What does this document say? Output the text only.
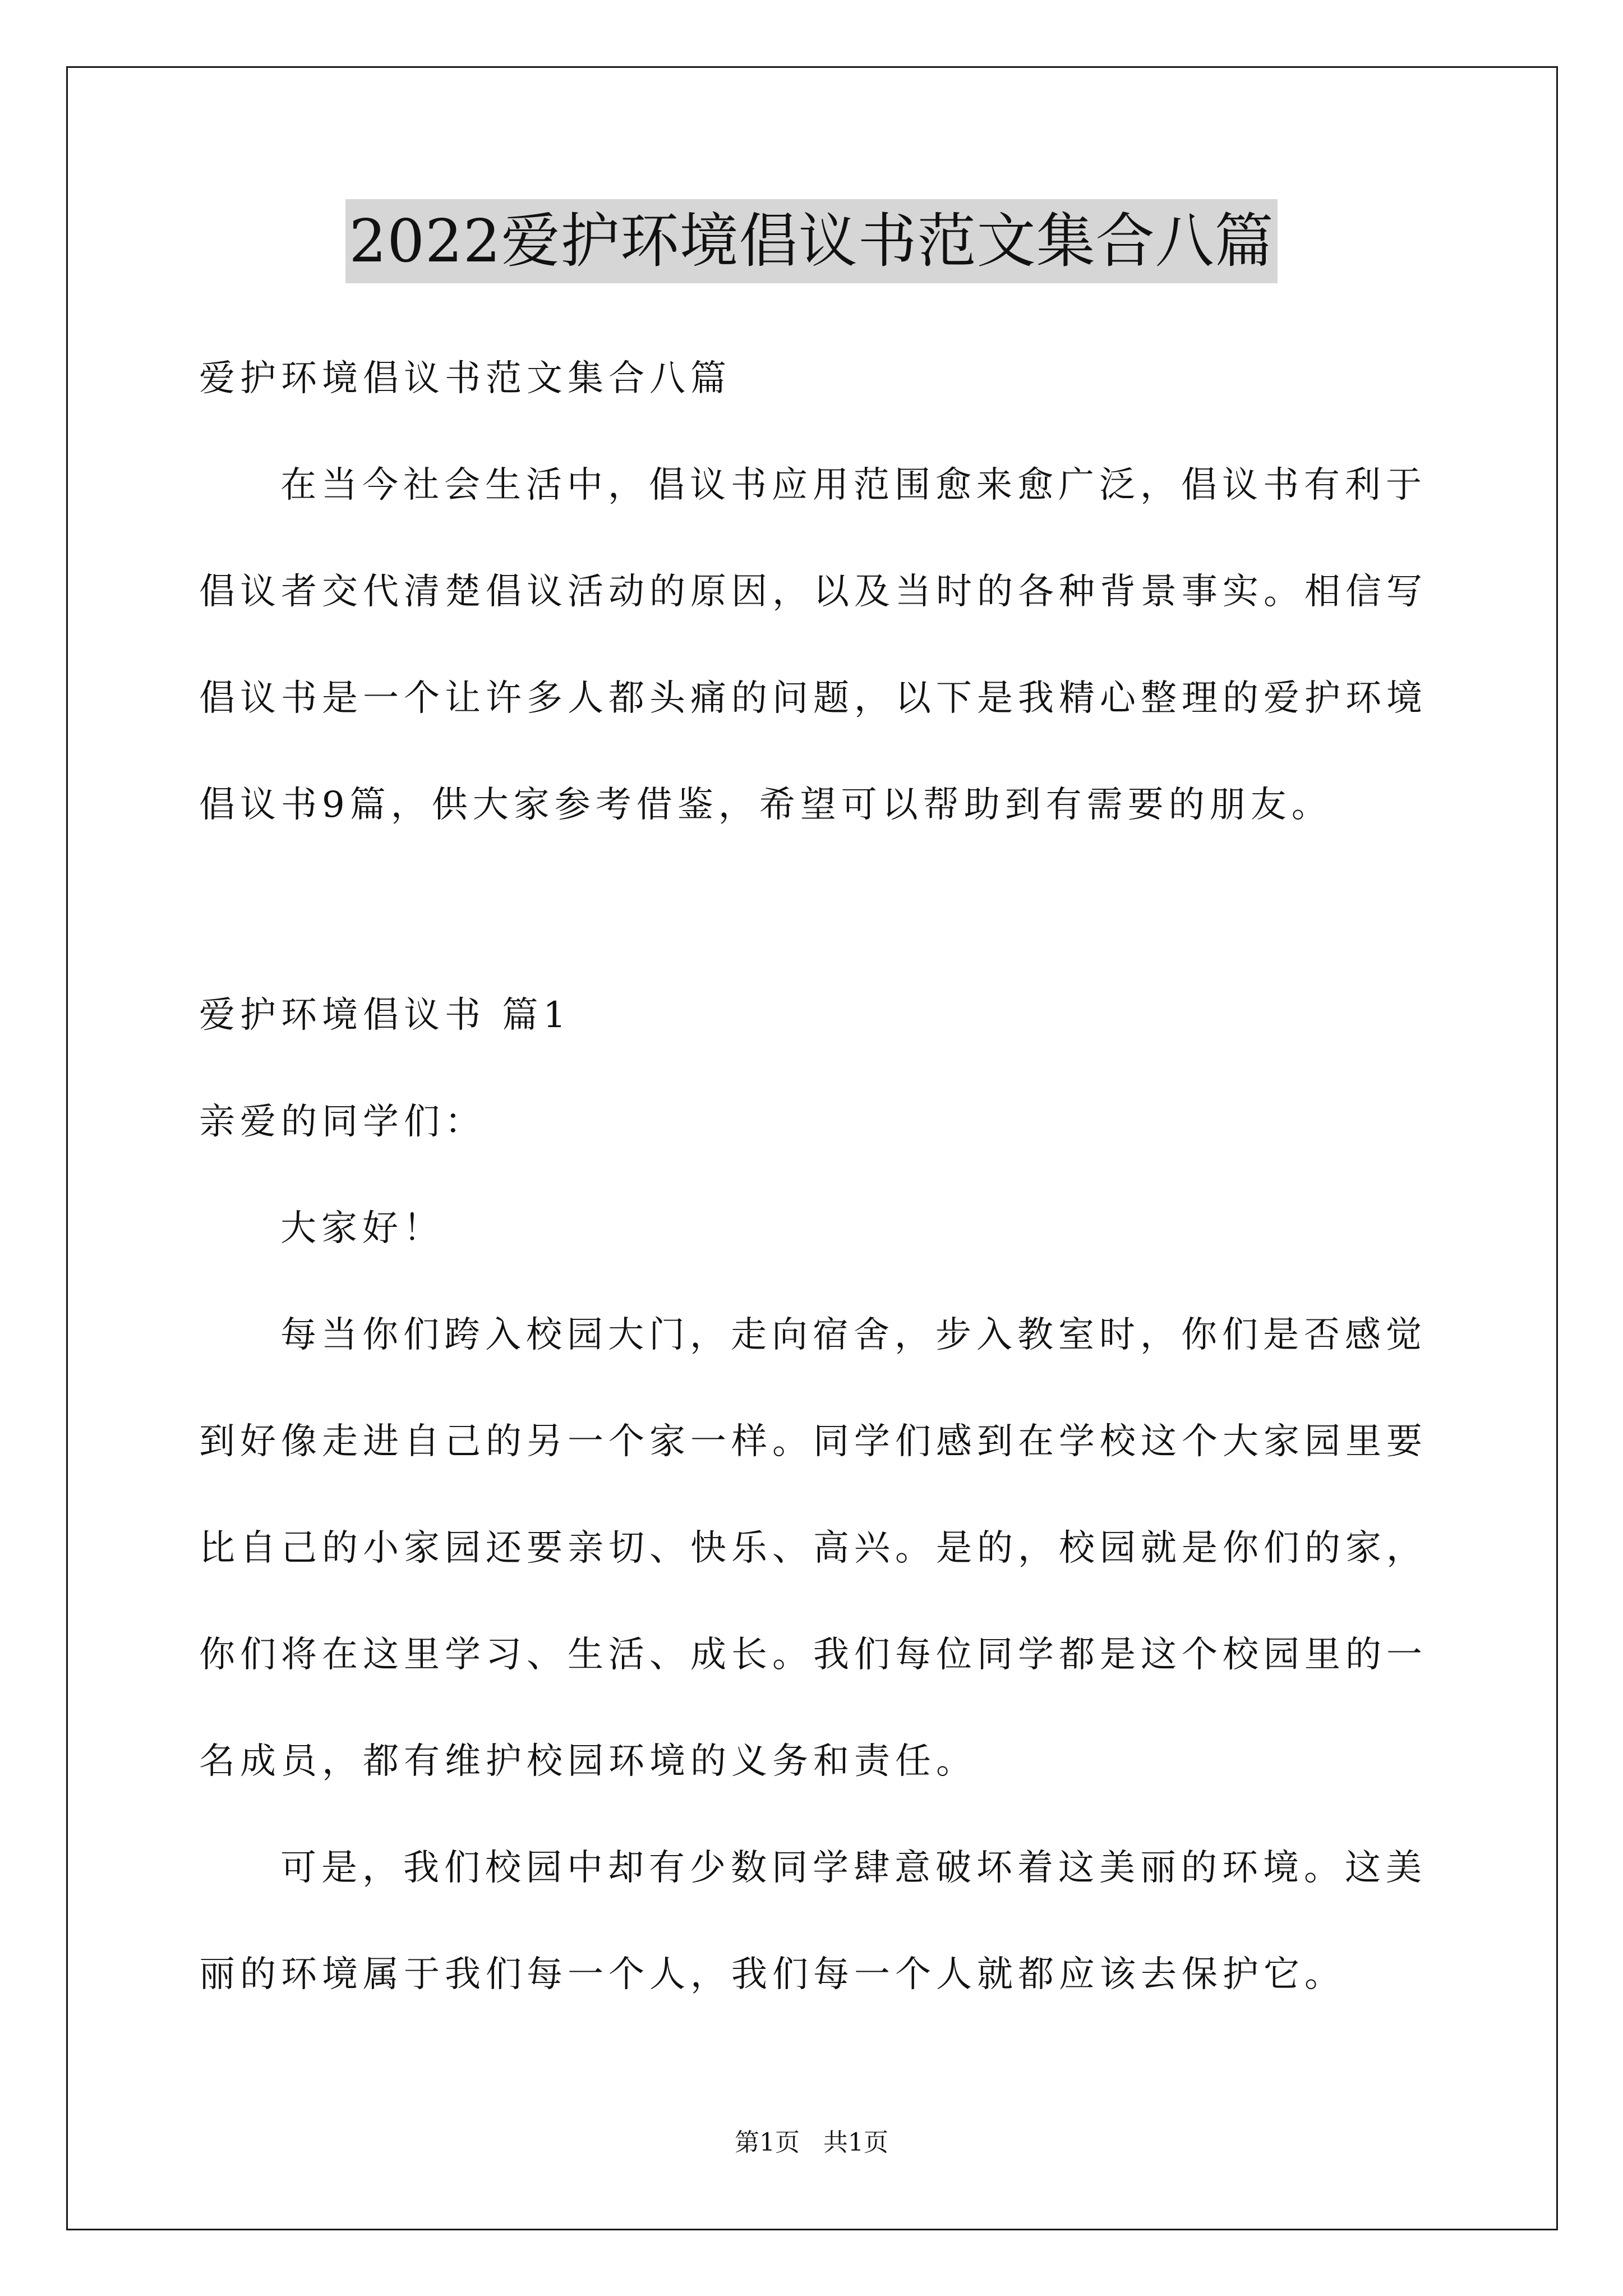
2022爱护环境倡议书范文集合八篇
爱护环境倡议书范文集合八篇
在当今社会生活中，倡议书应用范围愈来愈广泛，倡议书有利于
倡议者交代清楚倡议活动的原因，以及当时的各种背景事实。相信写
倡议书是一个让许多人都头痛的问题，以下是我精心整理的爱护环境
倡议书9篇，供大家参考借鉴，希望可以帮助到有需要的朋友。
爱护环境倡议书 篇1
亲爱的同学们：
大家好！
每当你们跨入校园大门，走向宿舍，步入教室时，你们是否感觉
到好像走进自己的另一个家一样。同学们感到在学校这个大家园里要
比自己的小家园还要亲切、快乐、高兴。是的，校园就是你们的家，
你们将在这里学习、生活、成长。我们每位同学都是这个校园里的一
名成员，都有维护校园环境的义务和责任。
可是，我们校园中却有少数同学肆意破坏着这美丽的环境。这美
丽的环境属于我们每一个人，我们每一个人就都应该去保护它。
第1页   共1页
